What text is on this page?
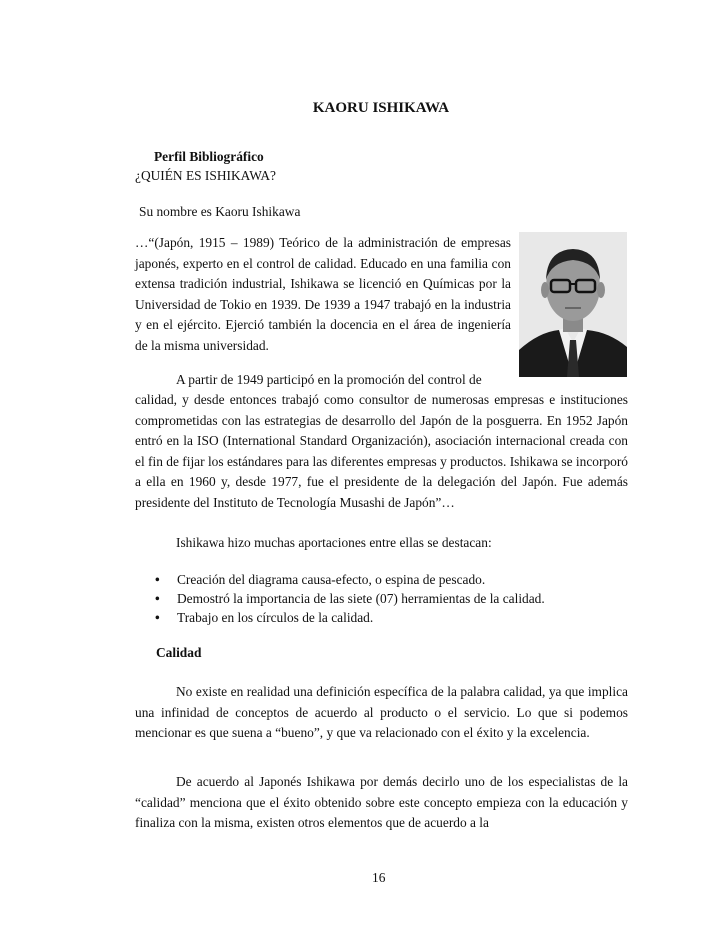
KAORU ISHIKAWA
Perfil Bibliográfico
¿QUIÉN ES ISHIKAWA?
Su nombre es Kaoru Ishikawa
…“(Japón, 1915 – 1989) Teórico de la administración de empresas japonés, experto en el control de calidad. Educado en una familia con extensa tradición industrial, Ishikawa se licenció en Químicas por la Universidad de Tokio en 1939. De 1939 a 1947 trabajó en la industria y en el ejército. Ejerció también la docencia en el área de ingeniería de la misma universidad.
A partir de 1949 participó en la promoción del control de
calidad, y desde entonces trabajó como consultor de numerosas empresas e instituciones comprometidas con las estrategias de desarrollo del Japón de la posguerra. En 1952 Japón entró en la ISO (International Standard Organización), asociación internacional creada con el fin de fijar los estándares para las diferentes empresas y productos. Ishikawa se incorporó a ella en 1960 y, desde 1977, fue el presidente de la delegación del Japón. Fue además presidente del Instituto de Tecnología Musashi de Japón”…
Ishikawa hizo muchas aportaciones entre ellas se destacan:
• Creación del diagrama causa-efecto, o espina de pescado.
• Demostró la importancia de las siete (07) herramientas de la calidad.
• Trabajo en los círculos de la calidad.
Calidad
No existe en realidad una definición específica de la palabra calidad, ya que implica una infinidad de conceptos de acuerdo al producto o el servicio. Lo que si podemos mencionar es que suena a “bueno”, y que va relacionado con el éxito y la excelencia.
De acuerdo al Japonés Ishikawa por demás decirlo uno de los especialistas de la “calidad” menciona que el éxito obtenido sobre este concepto empieza con la educación y finaliza con la misma, existen otros elementos que de acuerdo a la
16
